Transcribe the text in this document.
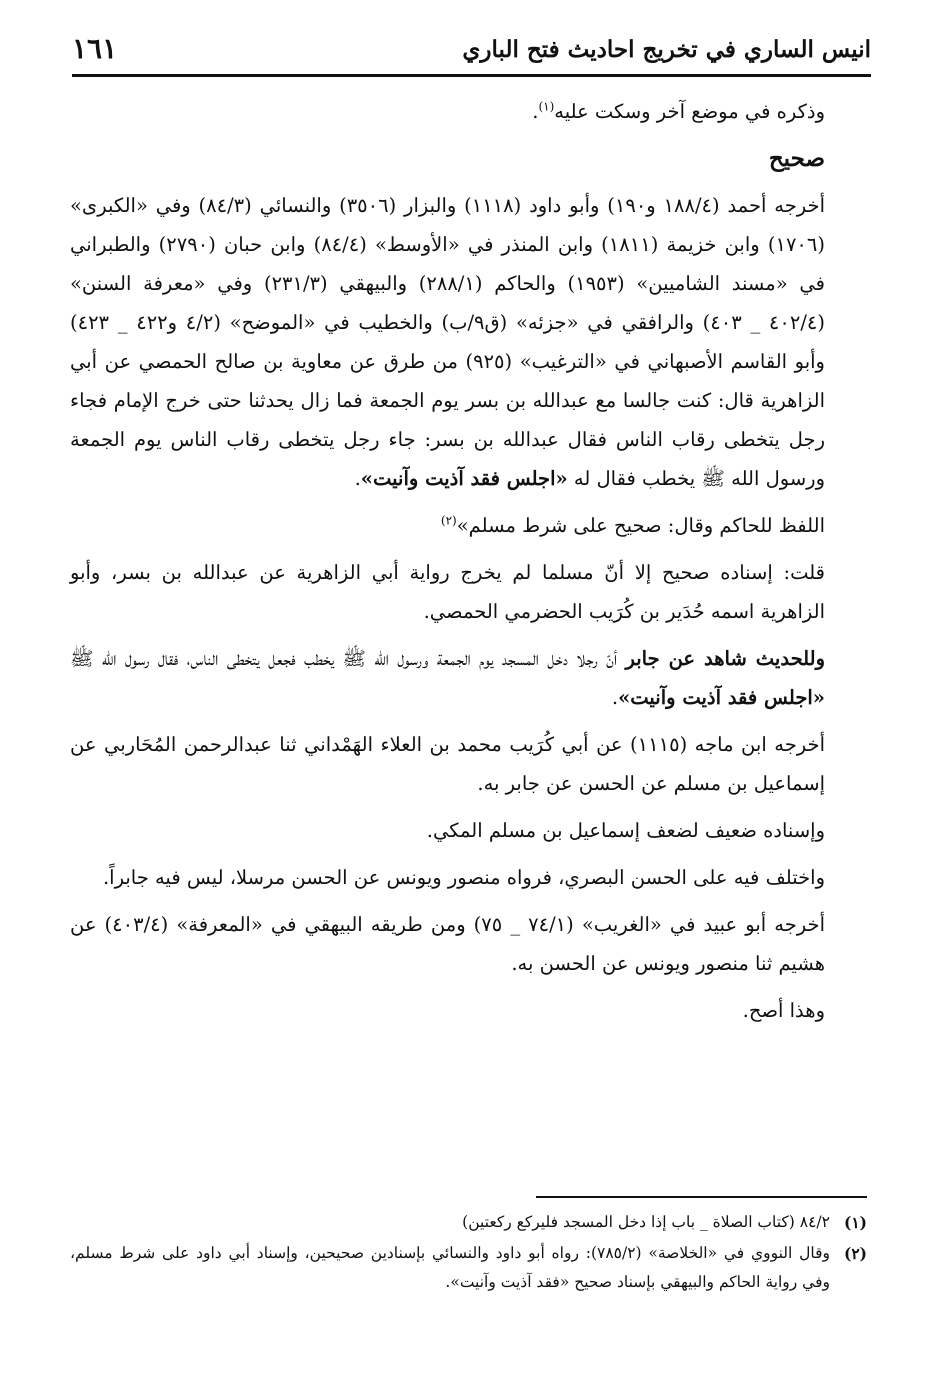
١٦١	انيس الساري في تخريج احاديث فتح الباري

وذكره في موضع آخر وسكت عليه$^{(١)}$.

صحيح

أخرجه أحمد (١٨٨/٤ و١٩٠) وأبو داود (١١١٨) والبزار (٣٥٠٦) والنسائي (٨٤/٣) وفي «الكبرى» (١٧٠٦) وابن خزيمة (١٨١١) وابن المنذر في «الأوسط» (٨٤/٤) وابن حبان (٢٧٩٠) والطبراني في «مسند الشاميين» (١٩٥٣) والحاكم (٢٨٨/١) والبيهقي (٢٣١/٣) وفي «معرفة السنن» (٤٠٢/٤ _ ٤٠٣) والرافقي في «جزئه» (ق٩/ب) والخطيب في «الموضح» (٤/٢ و٤٢٢ _ ٤٢٣) وأبو القاسم الأصبهاني في «الترغيب» (٩٢٥) من طرق عن معاوية بن صالح الحمصي عن أبي الزاهرية قال: كنت جالسا مع عبدالله بن بسر يوم الجمعة فما زال يحدثنا حتى خرج الإمام فجاء رجل يتخطى رقاب الناس فقال عبدالله بن بسر: جاء رجل يتخطى رقاب الناس يوم الجمعة ورسول الله ﷺ يخطب فقال له «اجلس فقد آذيت وآنيت».

اللفظ للحاكم وقال: صحيح على شرط مسلم»$^{(٢)}$

قلت: إسناده صحيح إلا أنّ مسلما لم يخرج رواية أبي الزاهرية عن عبدالله بن بسر، وأبو الزاهرية اسمه حُدَير بن كُرَيب الحضرمي الحمصي.

وللحديث شاهد عن جابر أنّ رجلا دخل المسجد يوم الجمعة ورسول الله ﷺ يخطب فجعل يتخطى الناس، فقال رسول الله ﷺ «اجلس فقد آذيت وآنيت».

أخرجه ابن ماجه (١١١٥) عن أبي كُرَيب محمد بن العلاء الهَمْداني ثنا عبدالرحمن المُحَاربي عن إسماعيل بن مسلم عن الحسن عن جابر به.

وإسناده ضعيف لضعف إسماعيل بن مسلم المكي.

واختلف فيه على الحسن البصري، فرواه منصور ويونس عن الحسن مرسلا، ليس فيه جابراً.

أخرجه أبو عبيد في «الغريب» (٧٤/١ _ ٧٥) ومن طريقه البيهقي في «المعرفة» (٤٠٣/٤) عن هشيم ثنا منصور ويونس عن الحسن به.

وهذا أصح.

(١)
٨٤/٢ (كتاب الصلاة _ باب إذا دخل المسجد فليركع ركعتين)
(٢)
وقال النووي في «الخلاصة» (٧٨٥/٢): رواه أبو داود والنسائي بإسنادين صحيحين، وإسناد أبي داود على شرط مسلم، وفي رواية الحاكم والبيهقي بإسناد صحيح «فقد آذيت وآنيت».
